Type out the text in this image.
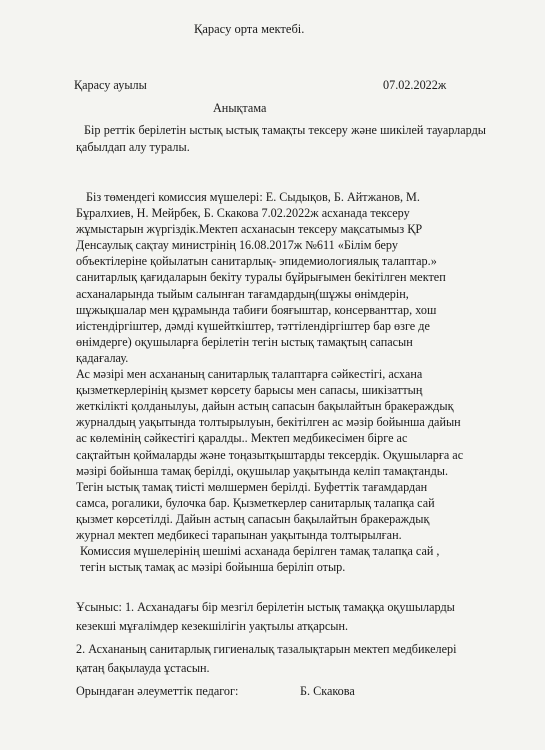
Қарасу орта мектебі.
Қарасу ауылы	07.02.2022ж
Анықтама
Бір реттік берілетін ыстық ыстық тамақты тексеру және шикілей тауарларды қабылдап алу туралы.
Біз төмендегі комиссия мүшелері: Е. Сыдықов, Б. Айтжанов, М.
Бұралхиев, Н. Мейрбек, Б. Скакова 7.02.2022ж асханада тексеру
жұмыстарын жүргіздік.Мектеп асханасын тексеру мақсатымыз ҚР
Денсаулық сақтау министрінің 16.08.2017ж №611 «Білім беру
объектілеріне қойылатын санитарлық- эпидемиологиялық талаптар.»
санитарлық қағидаларын бекіту туралы бұйрығымен бекітілген мектеп
асханаларында тыйым салынған тағамдардың(шұжы өнімдерін,
шұжықшалар мен құрамында табиғи бояғыштар, консерванттар, хош
иістендіргіштер, дәмді күшейткіштер, тәттілендіргіштер бар өзге де
өнімдерге) оқушыларға берілетін тегін ыстық тамақтың сапасын
қадағалау.
Ас мәзірі мен асхананың санитарлық талаптарға сәйкестігі, асхана
қызметкерлерінің қызмет көрсету барысы мен сапасы, шикізаттың
жеткілікті қолданылуы, дайын астың сапасын бақылайтын бракераждық
журналдың уақытында толтырылуын, бекітілген ас мәзір бойынша дайын
ас көлемінің сәйкестігі қаралды.. Мектеп медбикесімен бірге ас
сақтайтын қоймаларды және тоңазытқыштарды тексердік. Оқушыларға ас
мәзірі бойынша тамақ берілді, оқушылар уақытында келіп тамақтанды.
Тегін ыстық тамақ тиісті мөлшермен берілді. Буфеттік тағамдардан
самса, рогалики, булочка бар. Қызметкерлер санитарлық талапқа сай
қызмет көрсетілді. Дайын астың сапасын бақылайтын бракераждық
журнал мектеп медбикесі тарапынан уақытында толтырылған.
Комиссия мүшелерінің шешімі асханада берілген тамақ талапқа сай ,
тегін ыстық тамақ ас мәзірі бойынша беріліп отыр.
Ұсыныс: 1. Асханадағы бір мезгіл берілетін ыстық тамаққа оқушыларды кезекші мұғалімдер кезекшілігін уақтылы атқарсын.
2. Асхананың санитарлық гигиеналық тазалықтарын мектеп медбикелері қатаң бақылауда ұстасын.
Орындаған әлеуметтік педагог:	Б. Скакова
